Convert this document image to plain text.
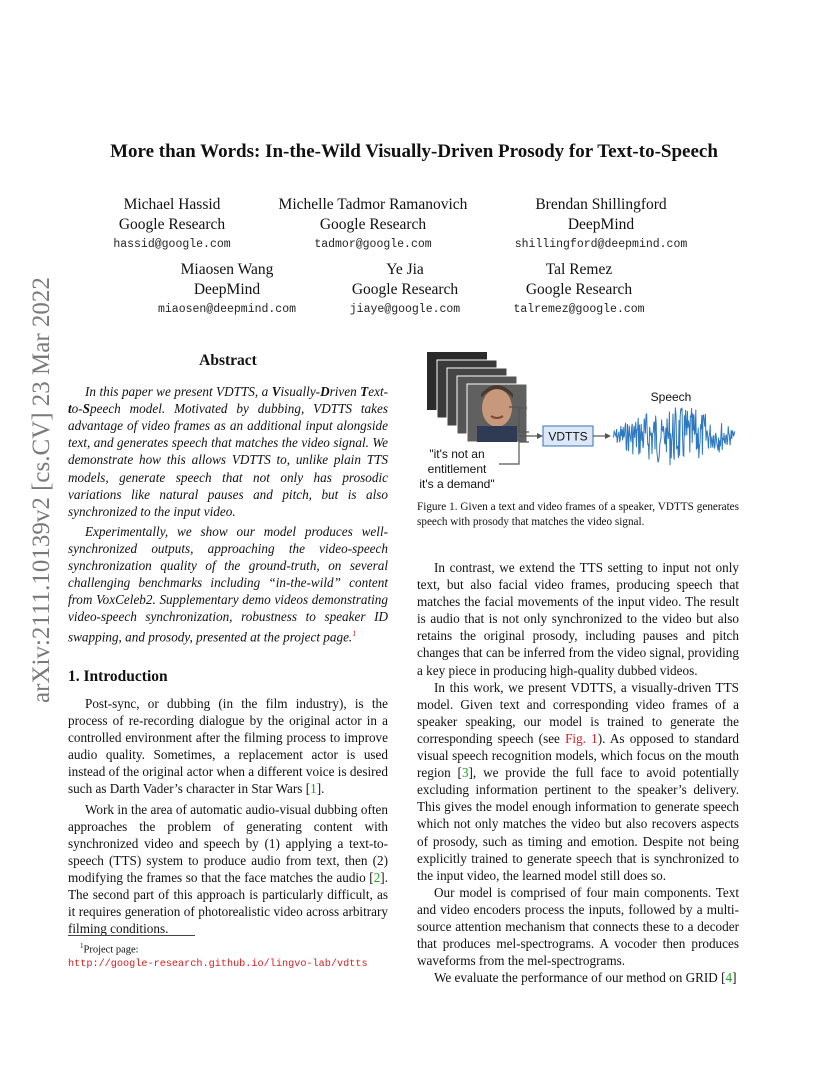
arXiv:2111.10139v2 [cs.CV] 23 Mar 2022
More than Words: In-the-Wild Visually-Driven Prosody for Text-to-Speech
Michael Hassid
Google Research
hassid@google.com
Michelle Tadmor Ramanovich
Google Research
tadmor@google.com
Brendan Shillingford
DeepMind
shillingford@deepmind.com
Miaosen Wang
DeepMind
miaosen@deepmind.com
Ye Jia
Google Research
jiaye@google.com
Tal Remez
Google Research
talremez@google.com
Abstract

In this paper we present VDTTS, a Visually-Driven Text-to-Speech model. Motivated by dubbing, VDTTS takes advantage of video frames as an additional input alongside text, and generates speech that matches the video signal. We demonstrate how this allows VDTTS to, unlike plain TTS models, generate speech that not only has prosodic variations like natural pauses and pitch, but is also synchronized to the input video.

Experimentally, we show our model produces well-synchronized outputs, approaching the video-speech synchronization quality of the ground-truth, on several challenging benchmarks including “in-the-wild” content from VoxCeleb2. Supplementary demo videos demonstrating video-speech synchronization, robustness to speaker ID swapping, and prosody, presented at the project page.$^1$

1. Introduction

Post-sync, or dubbing (in the film industry), is the process of re-recording dialogue by the original actor in a controlled environment after the filming process to improve audio quality. Sometimes, a replacement actor is used instead of the original actor when a different voice is desired such as Darth Vader’s character in Star Wars [1].

Work in the area of automatic audio-visual dubbing often approaches the problem of generating content with synchronized video and speech by (1) applying a text-to-speech (TTS) system to produce audio from text, then (2) modifying the frames so that the face matches the audio [2]. The second part of this approach is particularly difficult, as it requires generation of photorealistic video across arbitrary filming conditions.

$^1$Project page:
http://google-research.github.io/lingvo-lab/vdtts
"it's not an
entitlement
it's a demand"
VDTTS
Speech
Figure 1. Given a text and video frames of a speaker, VDTTS generates speech with prosody that matches the video signal.

In contrast, we extend the TTS setting to input not only text, but also facial video frames, producing speech that matches the facial movements of the input video. The result is audio that is not only synchronized to the video but also retains the original prosody, including pauses and pitch changes that can be inferred from the video signal, providing a key piece in producing high-quality dubbed videos.

In this work, we present VDTTS, a visually-driven TTS model. Given text and corresponding video frames of a speaker speaking, our model is trained to generate the corresponding speech (see Fig. 1). As opposed to standard visual speech recognition models, which focus on the mouth region [3], we provide the full face to avoid potentially excluding information pertinent to the speaker’s delivery. This gives the model enough information to generate speech which not only matches the video but also recovers aspects of prosody, such as timing and emotion. Despite not being explicitly trained to generate speech that is synchronized to the input video, the learned model still does so.

Our model is comprised of four main components. Text and video encoders process the inputs, followed by a multi-source attention mechanism that connects these to a decoder that produces mel-spectrograms. A vocoder then produces waveforms from the mel-spectrograms.

We evaluate the performance of our method on GRID [4]
